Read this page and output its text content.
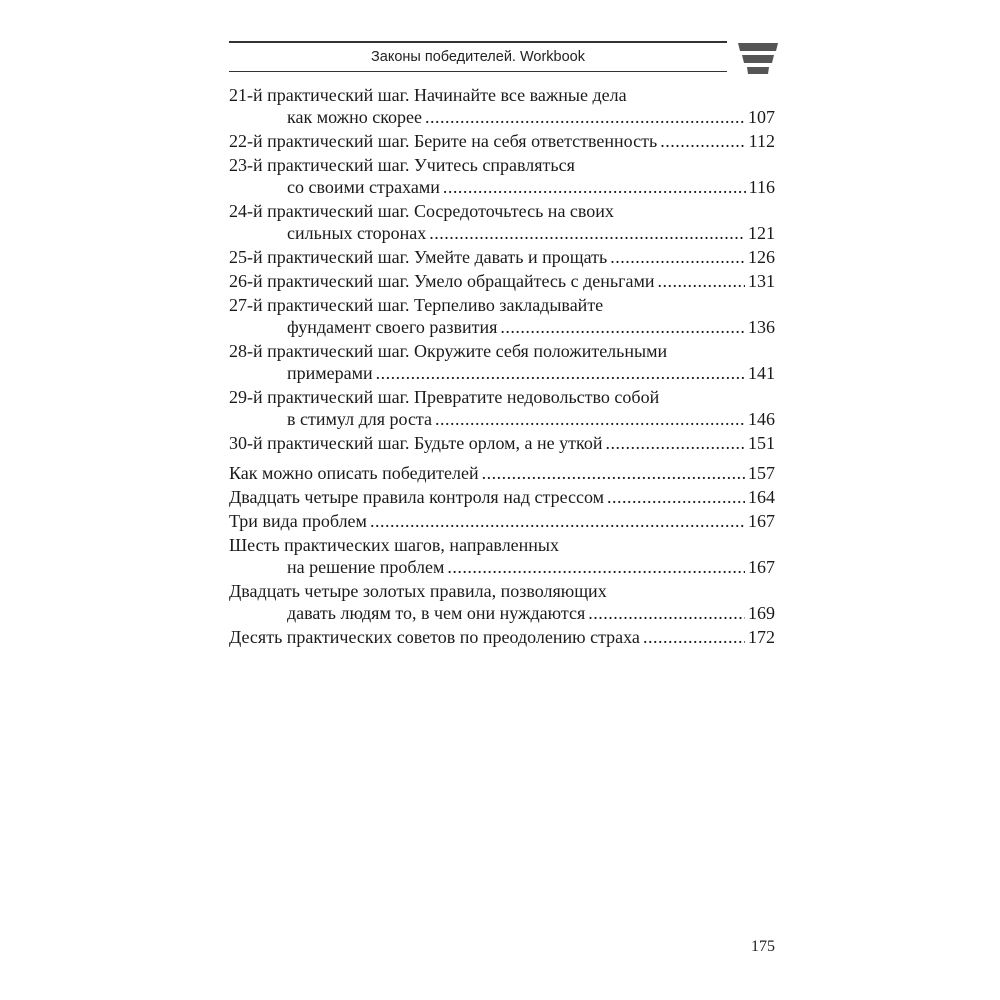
Законы победителей. Workbook
21-й практический шаг. Начинайте все важные дела
как можно скорее .....	107
22-й практический шаг. Берите на себя ответственность .....	112
23-й практический шаг. Учитесь справляться
со своими страхами .....	116
24-й практический шаг. Сосредоточьтесь на своих
сильных сторонах .....	121
25-й практический шаг. Умейте давать и прощать .....	126
26-й практический шаг. Умело обращайтесь с деньгами .....	131
27-й практический шаг. Терпеливо закладывайте
фундамент своего развития .....	136
28-й практический шаг. Окружите себя положительными
примерами .....	141
29-й практический шаг. Превратите недовольство собой
в стимул для роста .....	146
30-й практический шаг. Будьте орлом, а не уткой .....	151
Как можно описать победителей .....	157
Двадцать четыре правила контроля над стрессом .....	164
Три вида проблем .....	167
Шесть практических шагов, направленных
на решение проблем .....	167
Двадцать четыре золотых правила, позволяющих
давать людям то, в чем они нуждаются .....	169
Десять практических советов по преодолению страха .....	172
175
